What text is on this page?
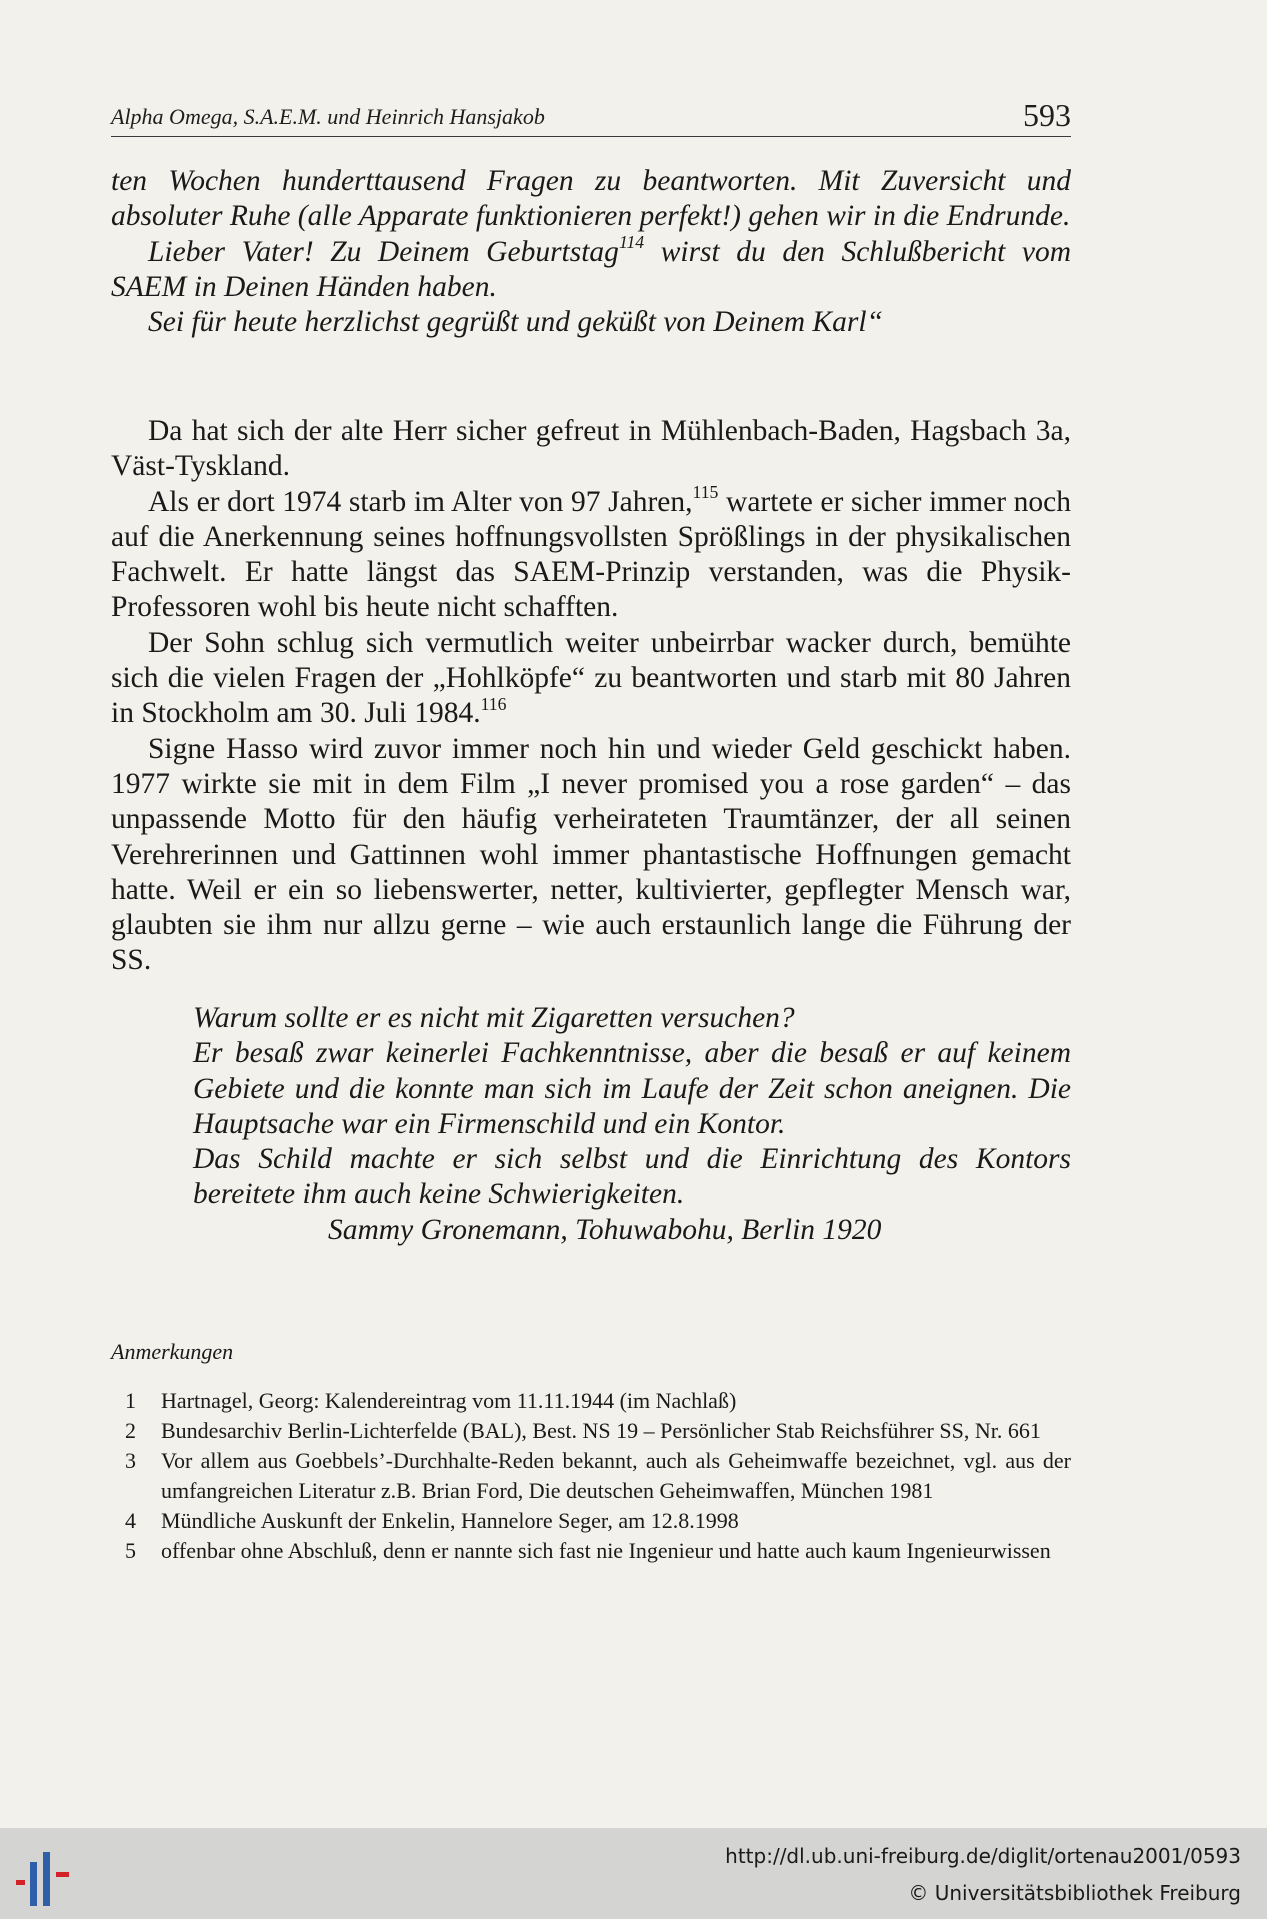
Alpha Omega, S.A.E.M. und Heinrich Hansjakob	593

ten Wochen hunderttausend Fragen zu beantworten. Mit Zuversicht und absoluter Ruhe (alle Apparate funktionieren perfekt!) gehen wir in die Endrunde.

Lieber Vater! Zu Deinem Geburtstag$^{114}$ wirst du den Schlußbericht vom SAEM in Deinen Händen haben.

Sei für heute herzlichst gegrüßt und geküßt von Deinem Karl“

Da hat sich der alte Herr sicher gefreut in Mühlenbach-Baden, Hagsbach 3a, Väst-Tyskland.

Als er dort 1974 starb im Alter von 97 Jahren,$^{115}$ wartete er sicher immer noch auf die Anerkennung seines hoffnungsvollsten Sprößlings in der physikalischen Fachwelt. Er hatte längst das SAEM-Prinzip verstanden, was die Physik-Professoren wohl bis heute nicht schafften.

Der Sohn schlug sich vermutlich weiter unbeirrbar wacker durch, bemühte sich die vielen Fragen der „Hohlköpfe“ zu beantworten und starb mit 80 Jahren in Stockholm am 30. Juli 1984.$^{116}$

Signe Hasso wird zuvor immer noch hin und wieder Geld geschickt haben. 1977 wirkte sie mit in dem Film „I never promised you a rose garden“ – das unpassende Motto für den häufig verheirateten Traumtänzer, der all seinen Verehrerinnen und Gattinnen wohl immer phantastische Hoffnungen gemacht hatte. Weil er ein so liebenswerter, netter, kultivierter, gepflegter Mensch war, glaubten sie ihm nur allzu gerne – wie auch erstaunlich lange die Führung der SS.

Warum sollte er es nicht mit Zigaretten versuchen?

Er besaß zwar keinerlei Fachkenntnisse, aber die besaß er auf keinem Gebiete und die konnte man sich im Laufe der Zeit schon aneignen. Die Hauptsache war ein Firmenschild und ein Kontor.

Das Schild machte er sich selbst und die Einrichtung des Kontors bereitete ihm auch keine Schwierigkeiten.

Sammy Gronemann, Tohuwabohu, Berlin 1920

Anmerkungen

1	Hartnagel, Georg: Kalendereintrag vom 11.11.1944 (im Nachlaß)
2	Bundesarchiv Berlin-Lichterfelde (BAL), Best. NS 19 – Persönlicher Stab Reichsführer SS, Nr. 661
3	Vor allem aus Goebbels’-Durchhalte-Reden bekannt, auch als Geheimwaffe bezeichnet, vgl. aus der umfangreichen Literatur z.B. Brian Ford, Die deutschen Geheimwaffen, München 1981
4	Mündliche Auskunft der Enkelin, Hannelore Seger, am 12.8.1998
5	offenbar ohne Abschluß, denn er nannte sich fast nie Ingenieur und hatte auch kaum Ingenieurwissen
http://dl.ub.uni-freiburg.de/diglit/ortenau2001/0593
© Universitätsbibliothek Freiburg
